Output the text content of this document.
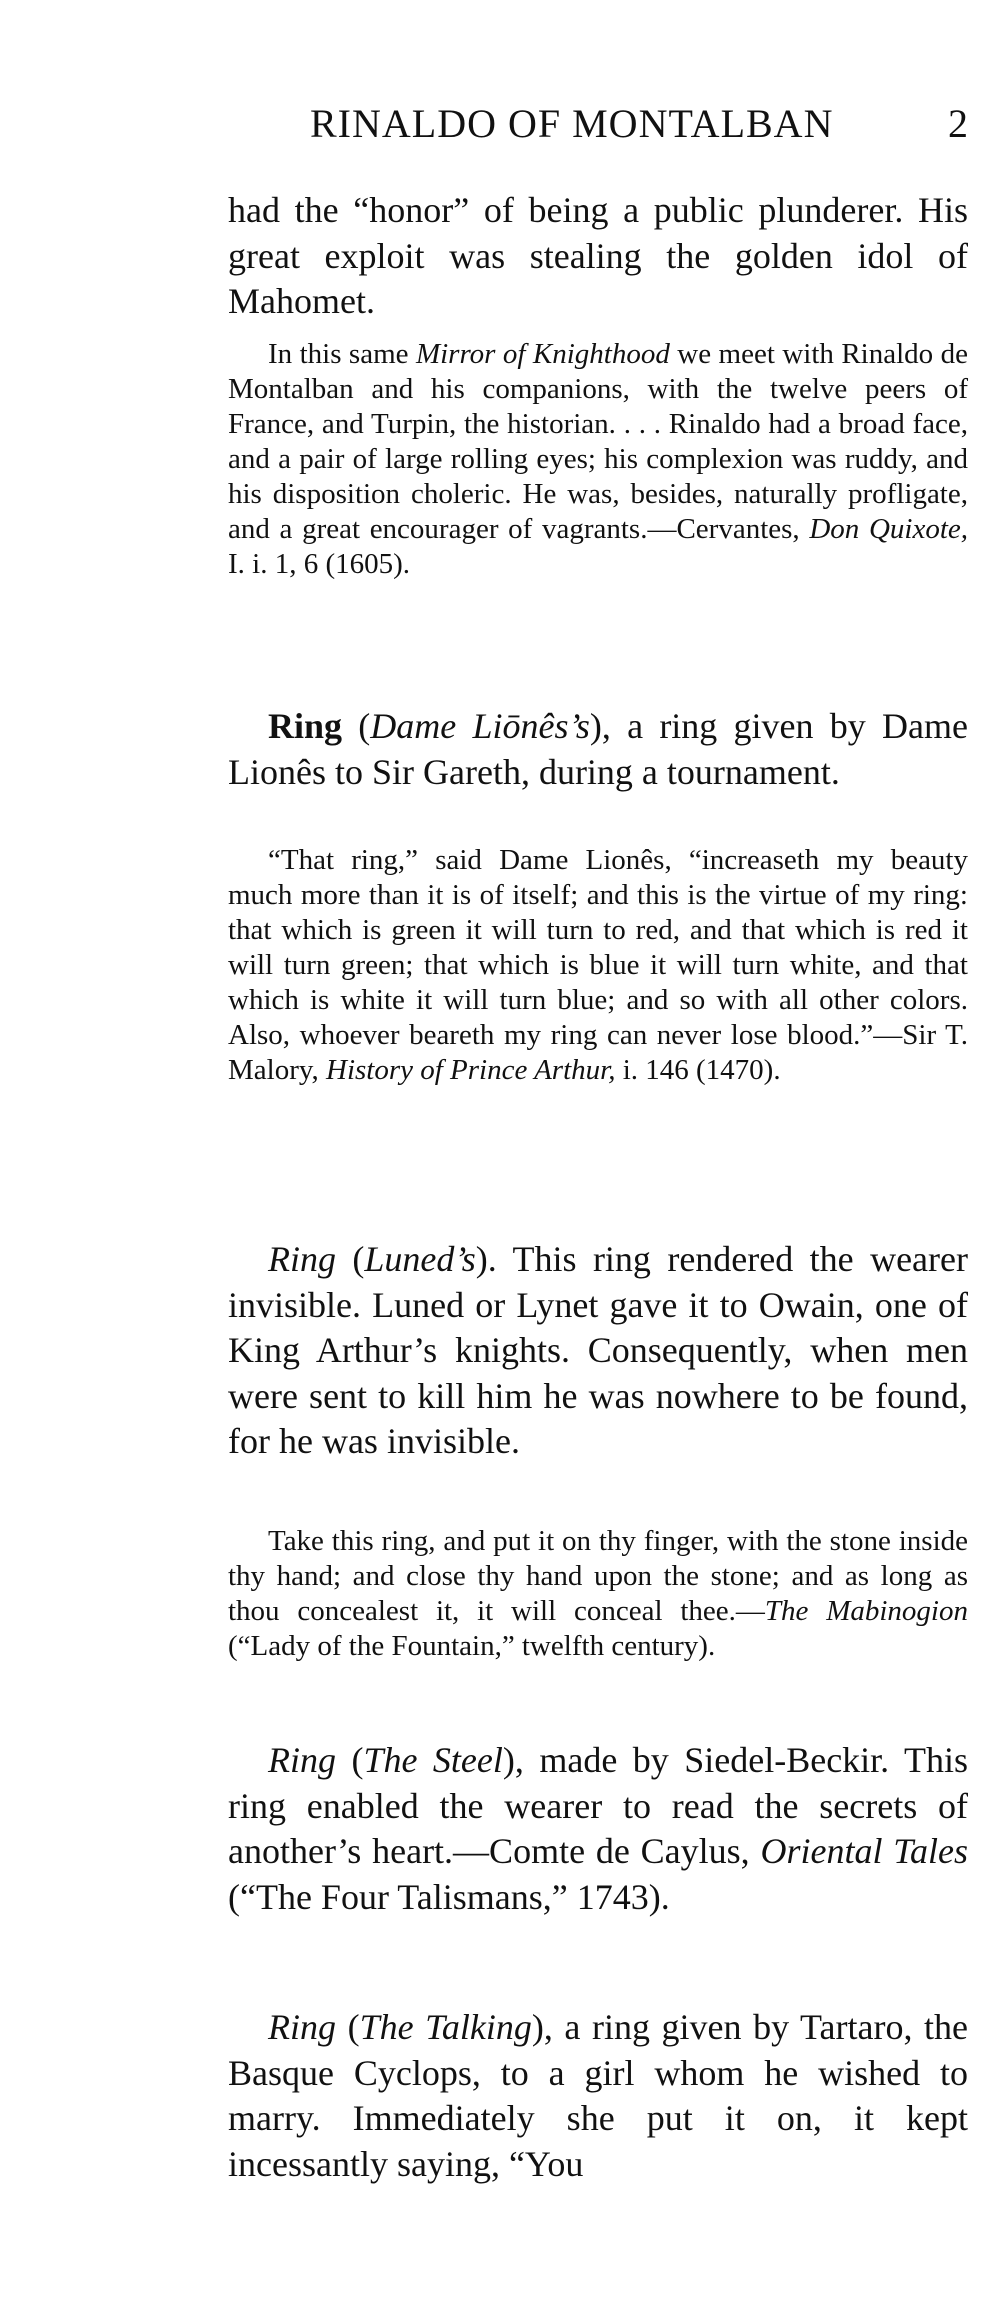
RINALDO OF MONTALBAN	2

had the “honor” of being a public plunderer. His great exploit was stealing the golden idol of Mahomet.

In this same Mirror of Knighthood we meet with Rinaldo de Montalban and his companions, with the twelve peers of France, and Turpin, the historian. . . . Rinaldo had a broad face, and a pair of large rolling eyes; his complexion was ruddy, and his disposition choleric. He was, besides, naturally profligate, and a great encourager of vagrants.—Cervantes, Don Quixote, I. i. 1, 6 (1605).

Ring (Dame Liōnês’s), a ring given by Dame Lionês to Sir Gareth, during a tournament.

“That ring,” said Dame Lionês, “increaseth my beauty much more than it is of itself; and this is the virtue of my ring: that which is green it will turn to red, and that which is red it will turn green; that which is blue it will turn white, and that which is white it will turn blue; and so with all other colors. Also, whoever beareth my ring can never lose blood.”—Sir T. Malory, History of Prince Arthur, i. 146 (1470).

Ring (Luned’s). This ring rendered the wearer invisible. Luned or Lynet gave it to Owain, one of King Arthur’s knights. Consequently, when men were sent to kill him he was nowhere to be found, for he was invisible.

Take this ring, and put it on thy finger, with the stone inside thy hand; and close thy hand upon the stone; and as long as thou concealest it, it will conceal thee.—The Mabinogion (“Lady of the Fountain,” twelfth century).

Ring (The Steel), made by Siedel-Beckir. This ring enabled the wearer to read the secrets of another’s heart.—Comte de Caylus, Oriental Tales (“The Four Talismans,” 1743).

Ring (The Talking), a ring given by Tartaro, the Basque Cyclops, to a girl whom he wished to marry. Immediately she put it on, it kept incessantly saying, “You
